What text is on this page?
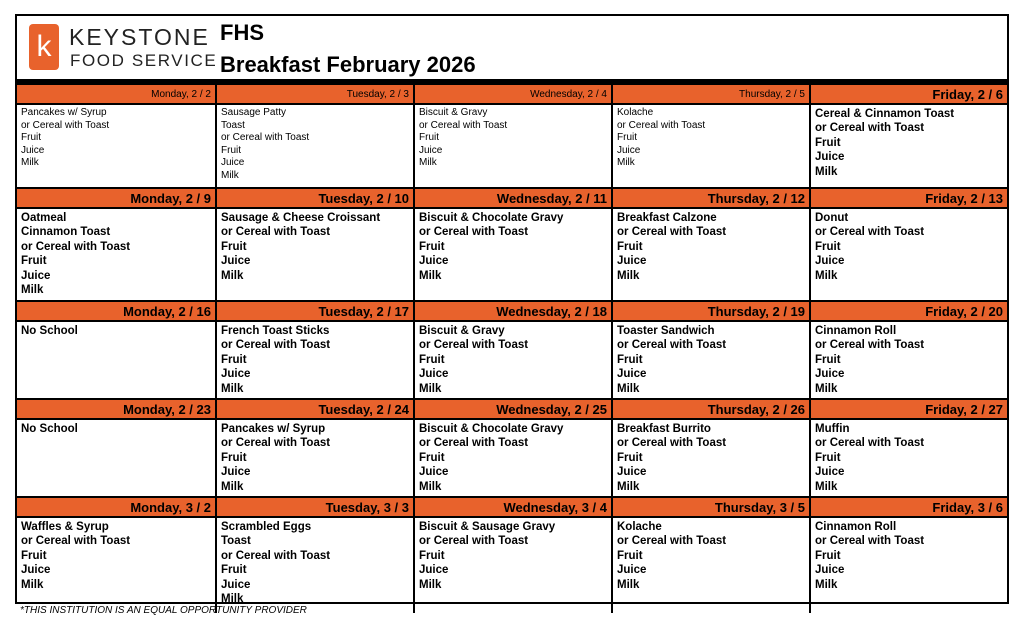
k KEYSTONE
FOOD SERVICE
FHS
Breakfast February 2026
Monday, 2 / 2
Pancakes w/ Syrup
or Cereal with Toast
Fruit
Juice
Milk
Tuesday, 2 / 3
Sausage Patty
Toast
or Cereal with Toast
Fruit
Juice
Milk
Wednesday, 2 / 4
Biscuit & Gravy
or Cereal with Toast
Fruit
Juice
Milk
Thursday, 2 / 5
Kolache
or Cereal with Toast
Fruit
Juice
Milk
Friday, 2 / 6
Cereal & Cinnamon Toast
or Cereal with Toast
Fruit
Juice
Milk
Monday, 2 / 9
Oatmeal
Cinnamon Toast
or Cereal with Toast
Fruit
Juice
Milk
Tuesday, 2 / 10
Sausage & Cheese Croissant
or Cereal with Toast
Fruit
Juice
Milk
Wednesday, 2 / 11
Biscuit & Chocolate Gravy
or Cereal with Toast
Fruit
Juice
Milk
Thursday, 2 / 12
Breakfast Calzone
or Cereal with Toast
Fruit
Juice
Milk
Friday, 2 / 13
Donut
or Cereal with Toast
Fruit
Juice
Milk
Monday, 2 / 16
No School
Tuesday, 2 / 17
French Toast Sticks
or Cereal with Toast
Fruit
Juice
Milk
Wednesday, 2 / 18
Biscuit & Gravy
or Cereal with Toast
Fruit
Juice
Milk
Thursday, 2 / 19
Toaster Sandwich
or Cereal with Toast
Fruit
Juice
Milk
Friday, 2 / 20
Cinnamon Roll
or Cereal with Toast
Fruit
Juice
Milk
Monday, 2 / 23
No School
Tuesday, 2 / 24
Pancakes w/ Syrup
or Cereal with Toast
Fruit
Juice
Milk
Wednesday, 2 / 25
Biscuit & Chocolate Gravy
or Cereal with Toast
Fruit
Juice
Milk
Thursday, 2 / 26
Breakfast Burrito
or Cereal with Toast
Fruit
Juice
Milk
Friday, 2 / 27
Muffin
or Cereal with Toast
Fruit
Juice
Milk
Monday, 3 / 2
Waffles & Syrup
or Cereal with Toast
Fruit
Juice
Milk
Tuesday, 3 / 3
Scrambled Eggs
Toast
or Cereal with Toast
Fruit
Juice
Milk
Wednesday, 3 / 4
Biscuit & Sausage Gravy
or Cereal with Toast
Fruit
Juice
Milk
Thursday, 3 / 5
Kolache
or Cereal with Toast
Fruit
Juice
Milk
Friday, 3 / 6
Cinnamon Roll
or Cereal with Toast
Fruit
Juice
Milk
*THIS INSTITUTION IS AN EQUAL OPPORTUNITY PROVIDER
